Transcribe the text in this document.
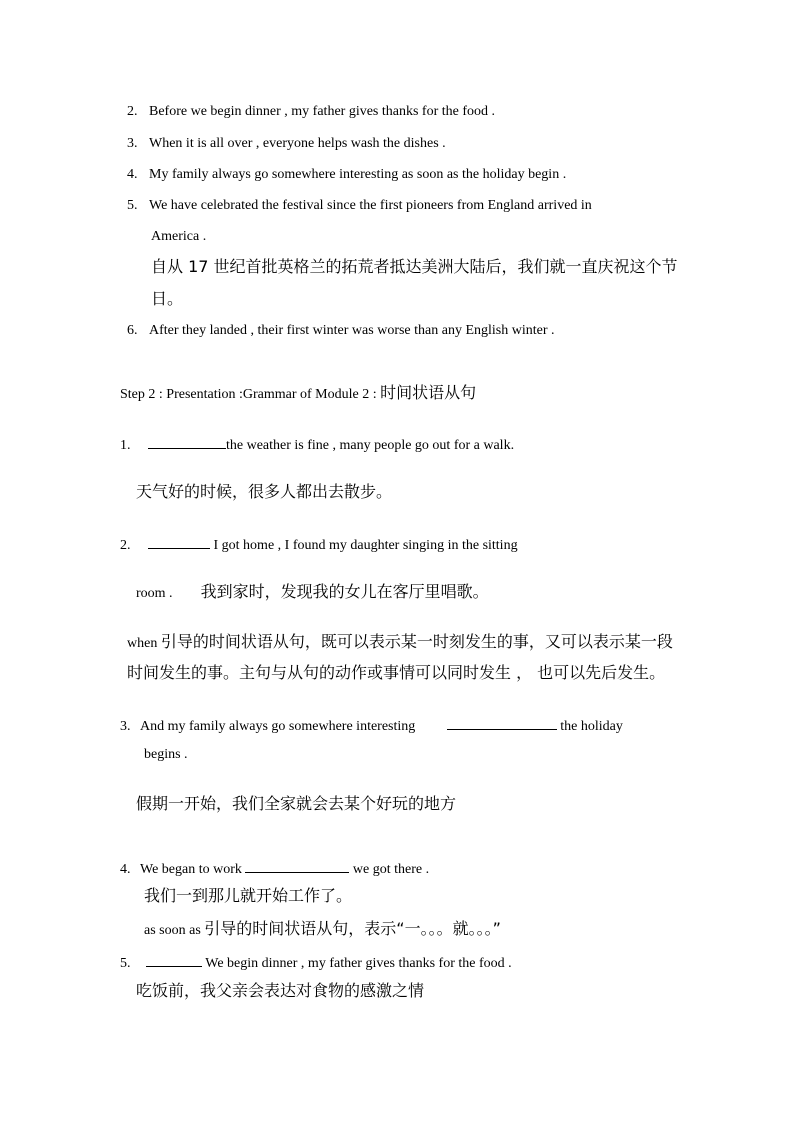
2. Before we begin dinner , my father gives thanks for the food .
3. When it is all over , everyone helps wash the dishes .
4. My family always go somewhere interesting as soon as the holiday begin .
5. We have celebrated the festival since the first pioneers from England arrived in
America .
自从 17 世纪首批英格兰的拓荒者抵达美洲大陆后，我们就一直庆祝这个节
日。
6. After they landed , their first winter was worse than any English winter .
Step 2 : Presentation :Grammar of Module 2 : 时间状语从句
1.	the weather is fine , many people go out for a walk.
天气好的时候，很多人都出去散步。
2.	I got home , I found my daughter singing in the sitting
room . 我到家时，发现我的女儿在客厅里唱歌。
when 引导的时间状语从句，既可以表示某一时刻发生的事，又可以表示某一段
时间发生的事。主句与从句的动作或事情可以同时发生 ， 也可以先后发生。
3. And my family always go somewhere interesting	the holiday
begins .
假期一开始，我们全家就会去某个好玩的地方
4. We began to work	we got there .
我们一到那儿就开始工作了。
as soon as 引导的时间状语从句，表示“一。。。就。。。”
5.	We begin dinner , my father gives thanks for the food .
吃饭前，我父亲会表达对食物的感激之情
